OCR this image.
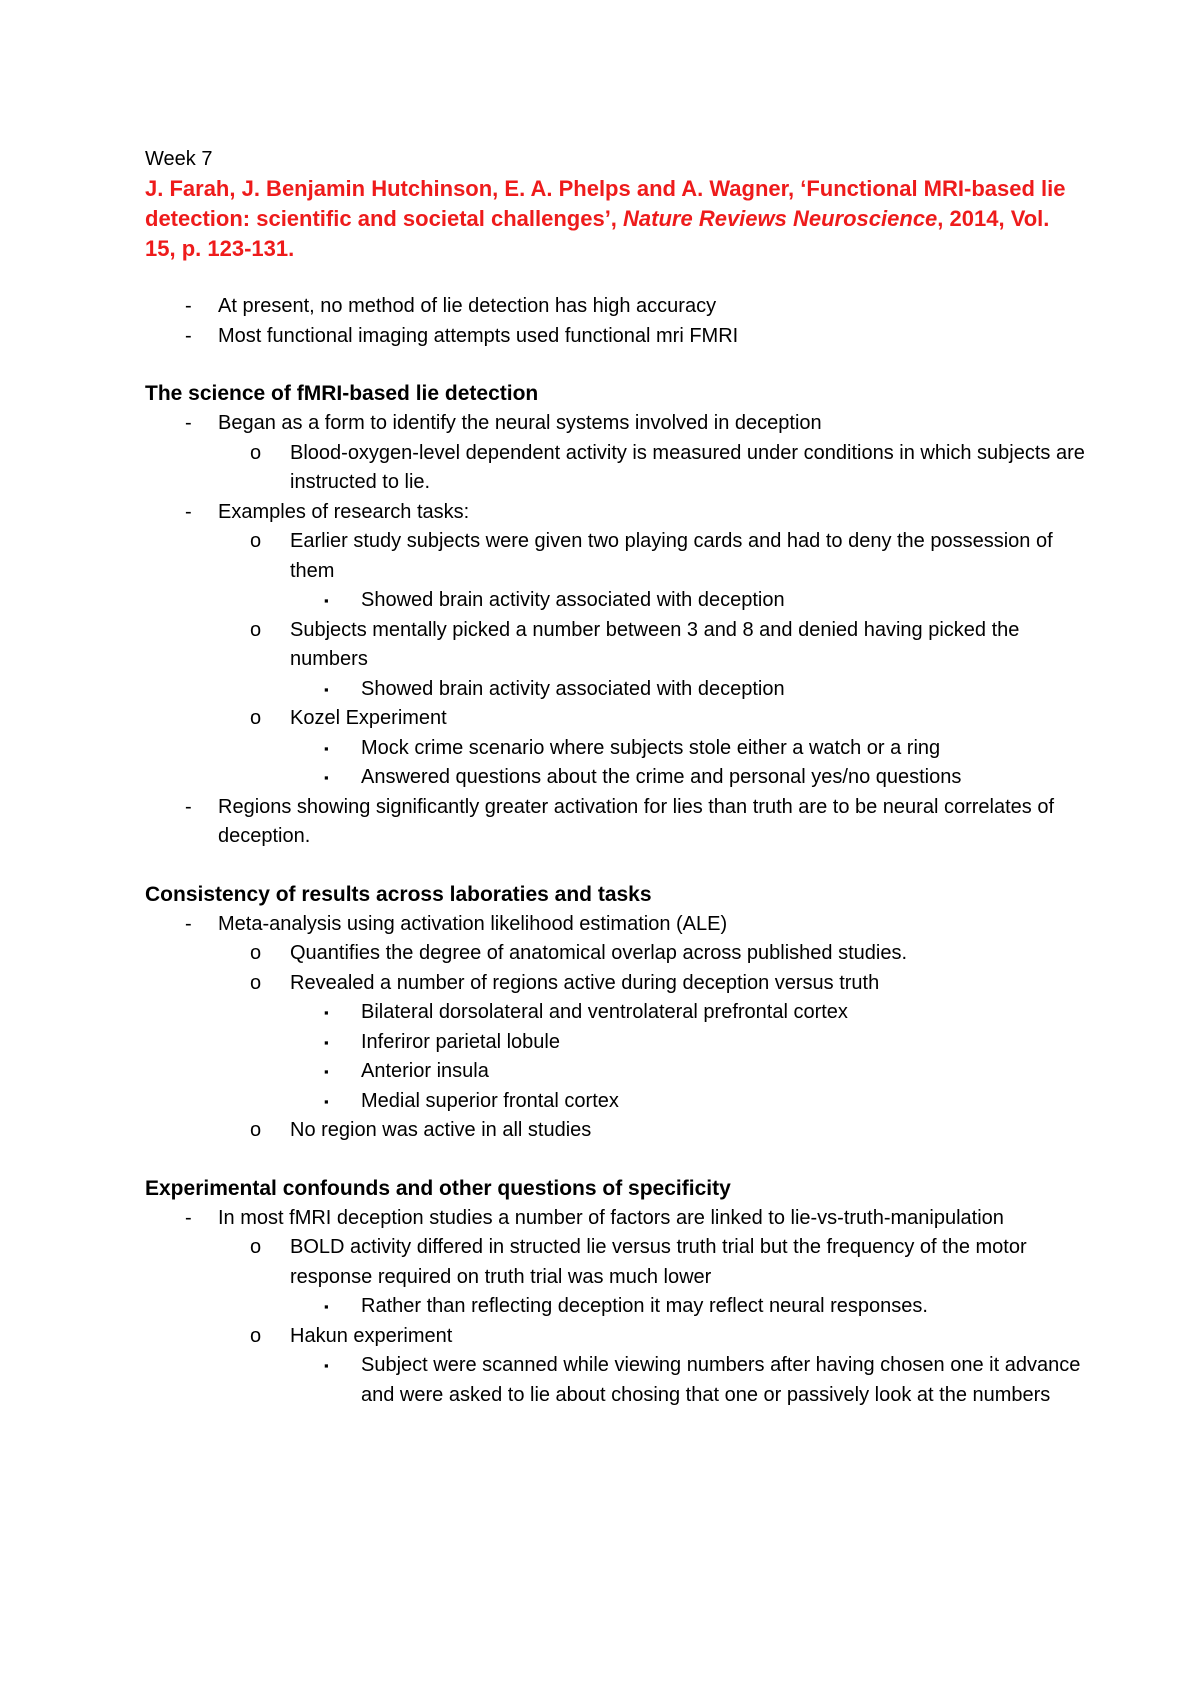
Week 7

J. Farah, J. Benjamin Hutchinson, E. A. Phelps and A. Wagner, ‘Functional MRI-based lie detection: scientific and societal challenges’, Nature Reviews Neuroscience, 2014, Vol. 15, p. 123-131.

- At present, no method of lie detection has high accuracy
- Most functional imaging attempts used functional mri FMRI

The science of fMRI-based lie detection

- Began as a form to identify the neural systems involved in deception
o Blood-oxygen-level dependent activity is measured under conditions in which subjects are instructed to lie.
- Examples of research tasks:
o Earlier study subjects were given two playing cards and had to deny the possession of them
▪ Showed brain activity associated with deception
o Subjects mentally picked a number between 3 and 8 and denied having picked the numbers
▪ Showed brain activity associated with deception
o Kozel Experiment
▪ Mock crime scenario where subjects stole either a watch or a ring
▪ Answered questions about the crime and personal yes/no questions
- Regions showing significantly greater activation for lies than truth are to be neural correlates of deception.

Consistency of results across laboraties and tasks

- Meta-analysis using activation likelihood estimation (ALE)
o Quantifies the degree of anatomical overlap across published studies.
o Revealed a number of regions active during deception versus truth
▪ Bilateral dorsolateral and ventrolateral prefrontal cortex
▪ Inferiror parietal lobule
▪ Anterior insula
▪ Medial superior frontal cortex
o No region was active in all studies

Experimental confounds and other questions of specificity

- In most fMRI deception studies a number of factors are linked to lie-vs-truth-manipulation
o BOLD activity differed in structed lie versus truth trial but the frequency of the motor response required on truth trial was much lower
▪ Rather than reflecting deception it may reflect neural responses.
o Hakun experiment
▪ Subject were scanned while viewing numbers after having chosen one it advance and were asked to lie about chosing that one or passively look at the numbers
